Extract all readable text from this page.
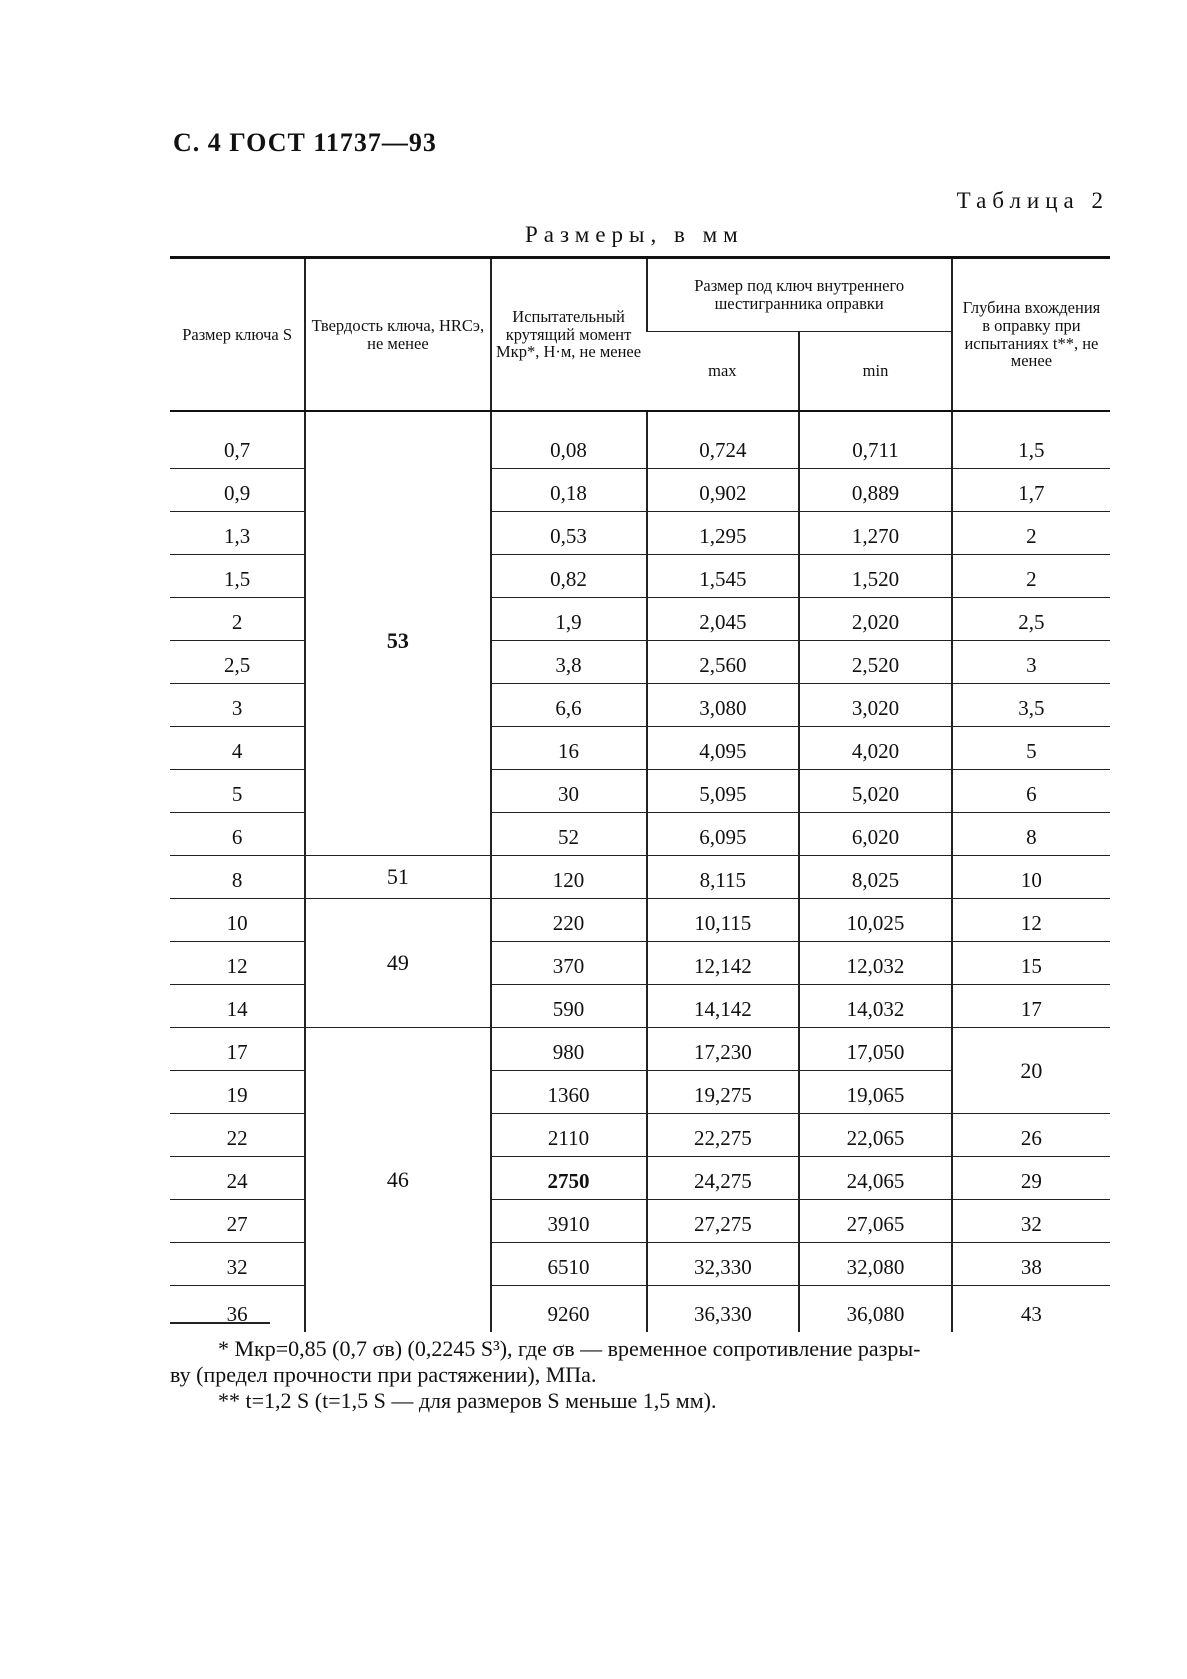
С. 4 ГОСТ 11737—93
Таблица 2
Размеры, в мм
Размер ключа S	Твердость ключа, HRCэ, не менее	Испытательный крутящий момент Мкр*, Н·м, не менее	Размер под ключ внутреннего шестигранника оправки		Глубина вхождения в оправку при испытаниях t**, не менее
			max	min	

0,7	53	0,08	0,724	0,711	1,5
0,9		0,18	0,902	0,889	1,7
1,3		0,53	1,295	1,270	2
1,5		0,82	1,545	1,520	2
2		1,9	2,045	2,020	2,5
2,5		3,8	2,560	2,520	3
3		6,6	3,080	3,020	3,5
4		16	4,095	4,020	5
5		30	5,095	5,020	6
6		52	6,095	6,020	8
8	51	120	8,115	8,025	10
10	49	220	10,115	10,025	12
12		370	12,142	12,032	15
14		590	14,142	14,032	17
17	46	980	17,230	17,050	20
19		1360	19,275	19,065	
22		2110	22,275	22,065	26
24		2750	24,275	24,065	29
27		3910	27,275	27,065	32
32		6510	32,330	32,080	38
36		9260	36,330	36,080	43
* Мкр=0,85 (0,7 σв) (0,2245 S³), где σв — временное сопротивление разры-
ву (предел прочности при растяжении), МПа.
** t=1,2 S (t=1,5 S — для размеров S меньше 1,5 мм).
